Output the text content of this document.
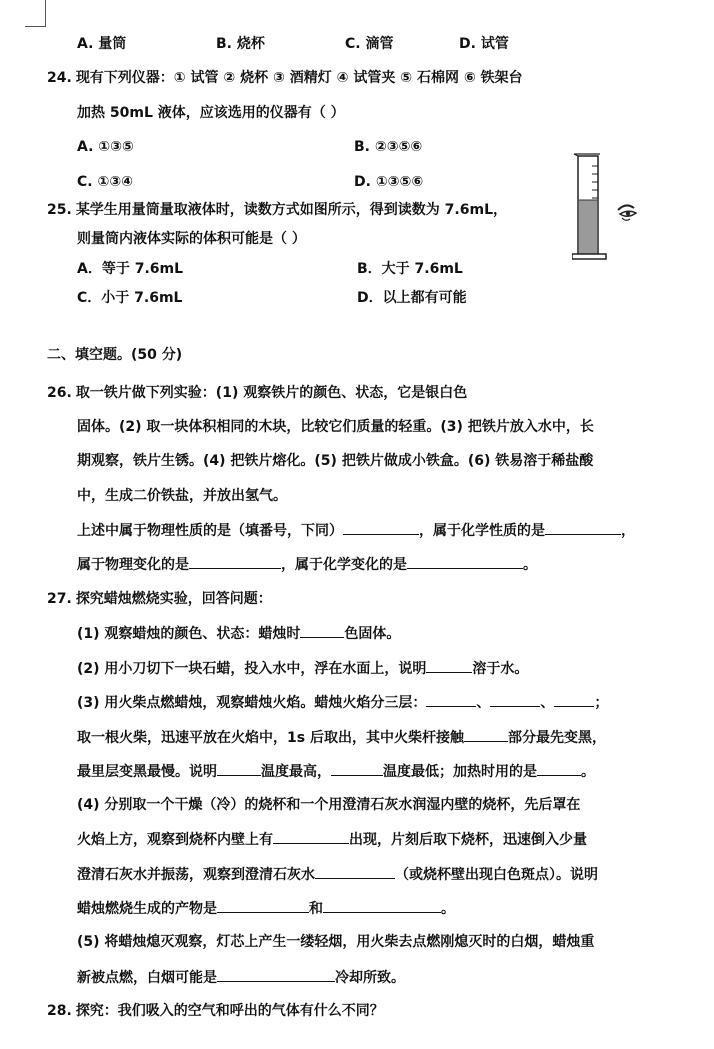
A. 量筒	B. 烧杯	C. 滴管	D. 试管
24. 现有下列仪器：① 试管 ② 烧杯 ③ 酒精灯 ④ 试管夹 ⑤ 石棉网 ⑥ 铁架台
加热 50mL 液体，应该选用的仪器有（ ）
A. ①③⑤	B. ②③⑤⑥
C. ①③④	D. ①③⑤⑥
25. 某学生用量筒量取液体时，读数方式如图所示，得到读数为 7.6mL，
则量筒内液体实际的体积可能是（ ）
A．等于 7.6mL	B．大于 7.6mL
C．小于 7.6mL	D．以上都有可能
二、填空题。(50 分)
26. 取一铁片做下列实验：(1) 观察铁片的颜色、状态，它是银白色
固体。(2) 取一块体积相同的木块，比较它们质量的轻重。(3) 把铁片放入水中，长
期观察，铁片生锈。(4) 把铁片熔化。(5) 把铁片做成小铁盒。(6) 铁易溶于稀盐酸
中，生成二价铁盐，并放出氢气。
上述中属于物理性质的是（填番号，下同）	，属于化学性质的是	，
属于物理变化的是	，属于化学变化的是	。
27. 探究蜡烛燃烧实验，回答问题：
(1) 观察蜡烛的颜色、状态：蜡烛时	色固体。
(2) 用小刀切下一块石蜡，投入水中，浮在水面上，说明	溶于水。
(3) 用火柴点燃蜡烛，观察蜡烛火焰。蜡烛火焰分三层：	、	、	；
取一根火柴，迅速平放在火焰中，1s 后取出，其中火柴杆接触	部分最先变黑，
最里层变黑最慢。说明	温度最高，	温度最低；加热时用的是	。
(4) 分别取一个干燥（冷）的烧杯和一个用澄清石灰水润湿内壁的烧杯，先后罩在
火焰上方，观察到烧杯内壁上有	出现，片刻后取下烧杯，迅速倒入少量
澄清石灰水并振荡，观察到澄清石灰水	（或烧杯壁出现白色斑点）。说明
蜡烛燃烧生成的产物是	和	。
(5) 将蜡烛熄灭观察，灯芯上产生一缕轻烟，用火柴去点燃刚熄灭时的白烟，蜡烛重
新被点燃，白烟可能是	冷却所致。
28. 探究：我们吸入的空气和呼出的气体有什么不同？
